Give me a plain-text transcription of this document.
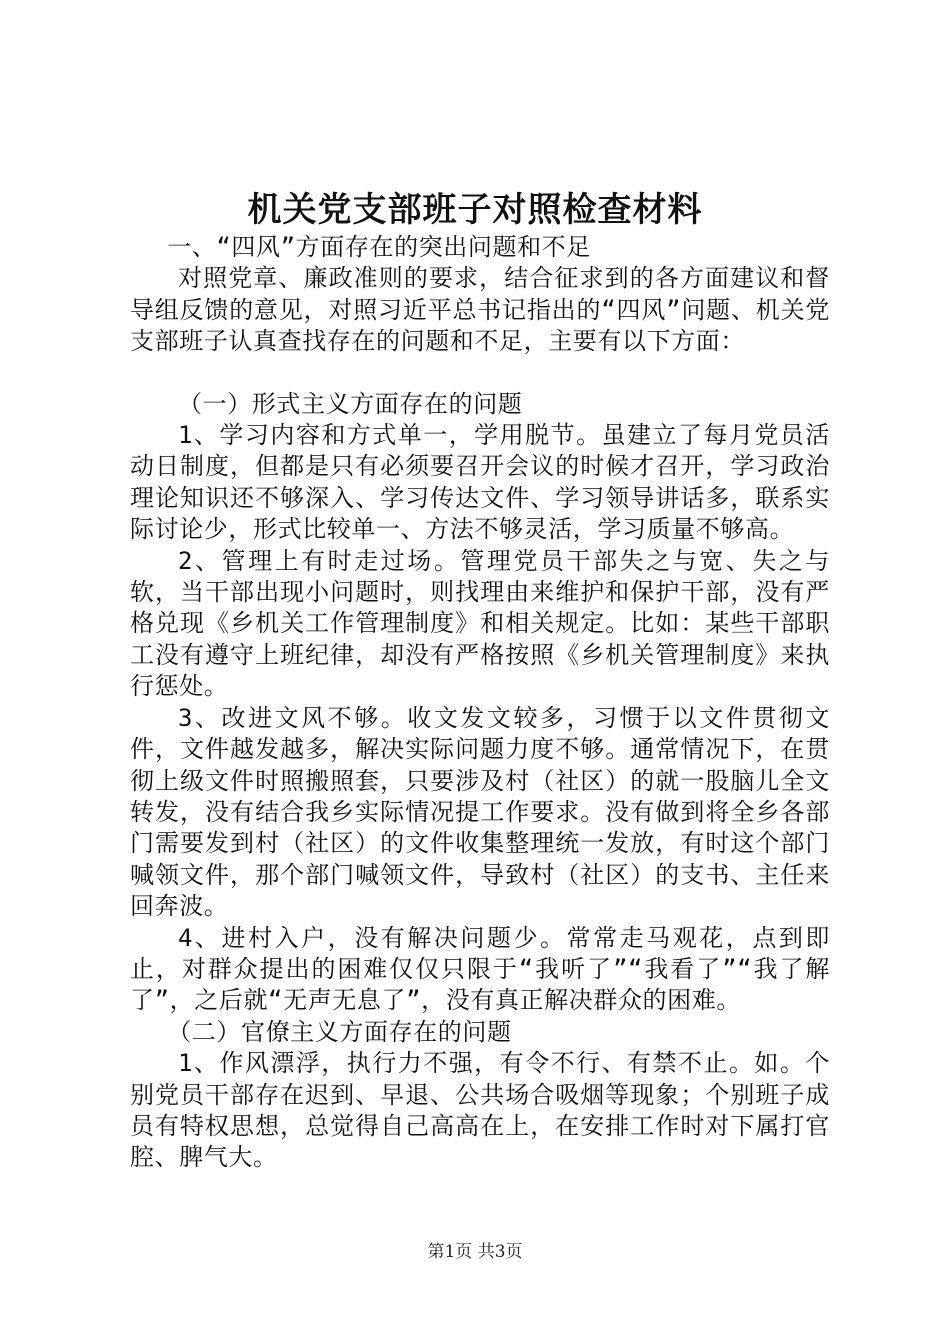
机关党支部班子对照检查材料

一、“四风”方面存在的突出问题和不足

对照党章、廉政准则的要求，结合征求到的各方面建议和督导组反馈的意见，对照习近平总书记指出的“四风”问题、机关党支部班子认真查找存在的问题和不足，主要有以下方面：

（一）形式主义方面存在的问题

1、学习内容和方式单一，学用脱节。虽建立了每月党员活动日制度，但都是只有必须要召开会议的时候才召开，学习政治理论知识还不够深入、学习传达文件、学习领导讲话多，联系实际讨论少，形式比较单一、方法不够灵活，学习质量不够高。

2、管理上有时走过场。管理党员干部失之与宽、失之与软，当干部出现小问题时，则找理由来维护和保护干部，没有严格兑现《乡机关工作管理制度》和相关规定。比如：某些干部职工没有遵守上班纪律，却没有严格按照《乡机关管理制度》来执行惩处。

3、改进文风不够。收文发文较多，习惯于以文件贯彻文件，文件越发越多，解决实际问题力度不够。通常情况下，在贯彻上级文件时照搬照套，只要涉及村（社区）的就一股脑儿全文转发，没有结合我乡实际情况提工作要求。没有做到将全乡各部门需要发到村（社区）的文件收集整理统一发放，有时这个部门喊领文件，那个部门喊领文件，导致村（社区）的支书、主任来回奔波。

4、进村入户，没有解决问题少。常常走马观花，点到即止，对群众提出的困难仅仅只限于“我听了”“我看了”“我了解了”，之后就“无声无息了”，没有真正解决群众的困难。

（二）官僚主义方面存在的问题

1、作风漂浮，执行力不强，有令不行、有禁不止。如。个别党员干部存在迟到、早退、公共场合吸烟等现象；个别班子成员有特权思想，总觉得自己高高在上，在安排工作时对下属打官腔、脾气大。

第1页 共3页
